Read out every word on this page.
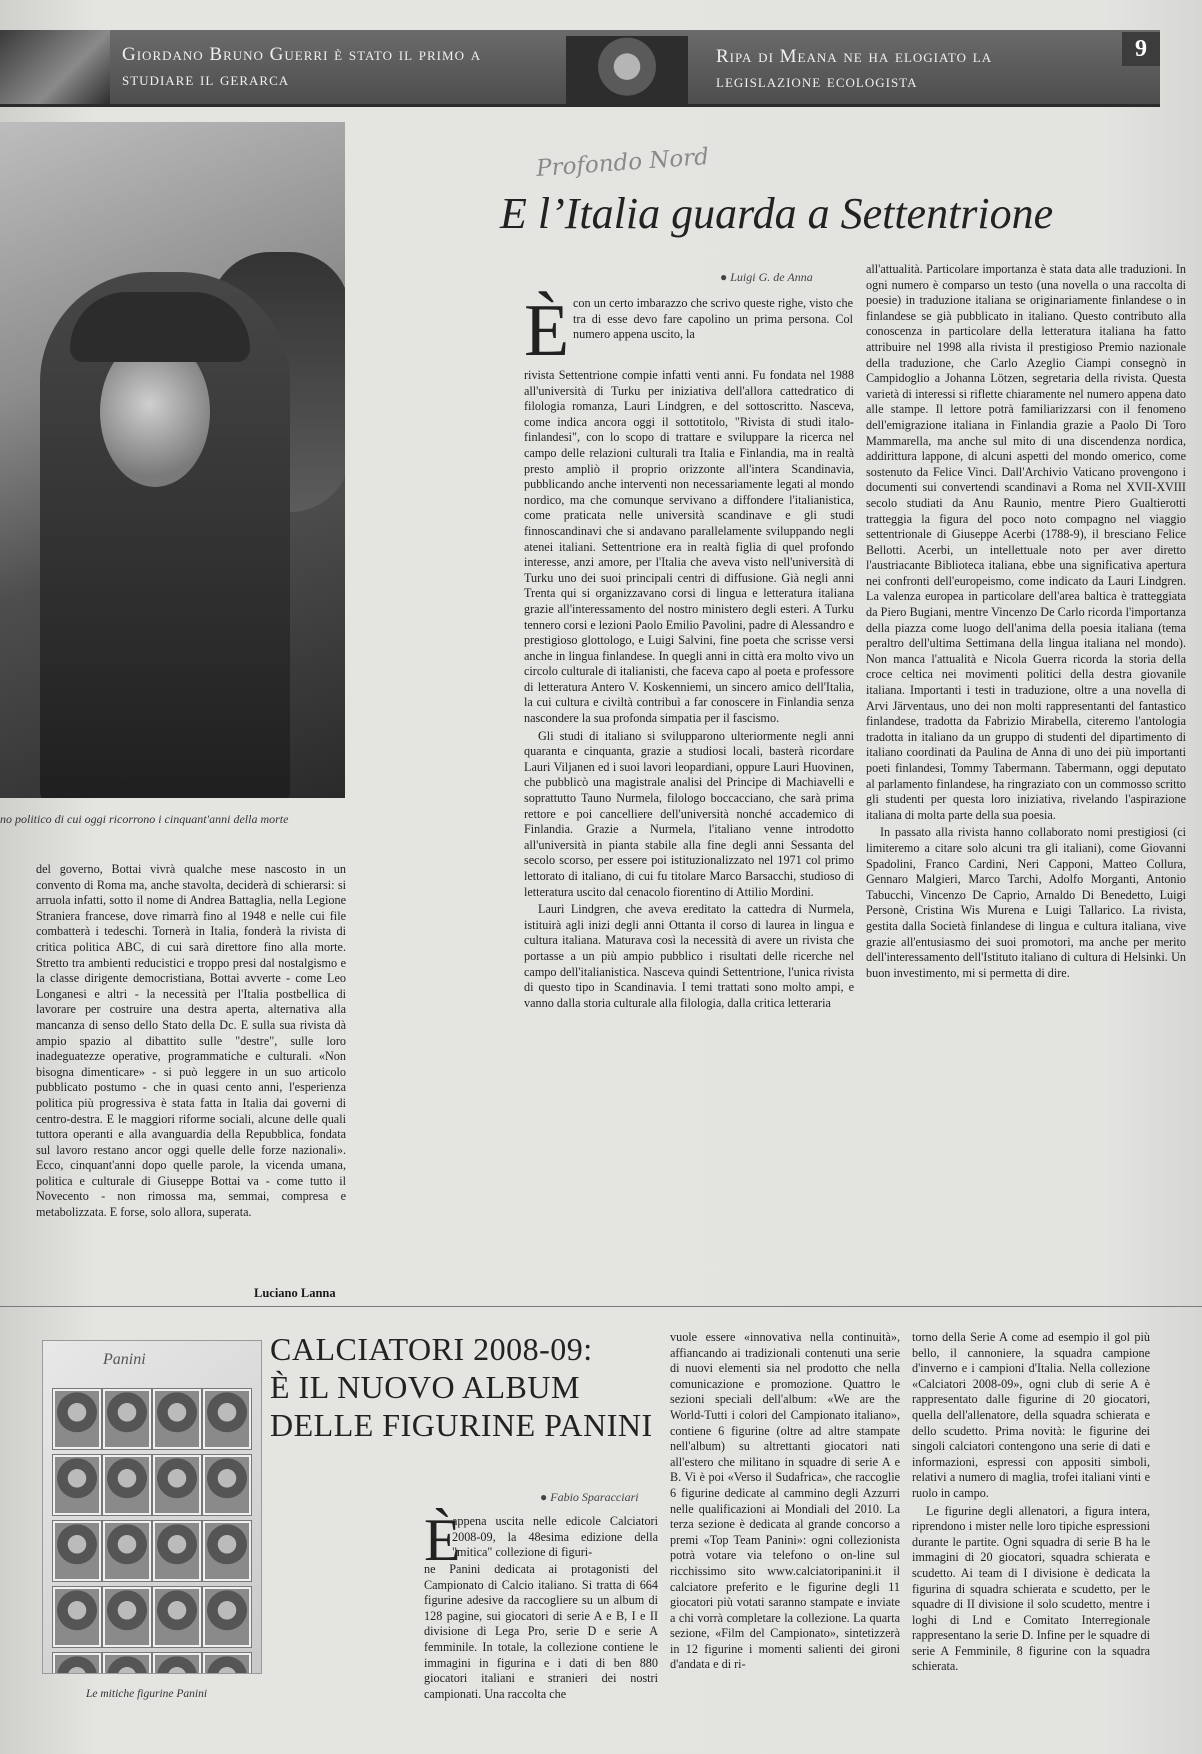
Giordano Bruno Guerri è stato il primo a studiare il gerarca
Ripa di Meana ne ha elogiato la legislazione ecologista
9
no politico di cui oggi ricorrono i cinquant'anni della morte
Profondo Nord
E l’Italia guarda a Settentrione
● Luigi G. de Anna
È con un certo imbarazzo che scrivo queste righe, visto che tra di esse devo fare capolino un prima persona. Col numero appena uscito, la

rivista Settentrione compie infatti venti anni. Fu fondata nel 1988 all'università di Turku per iniziativa dell'allora cattedratico di filologia romanza, Lauri Lindgren, e del sottoscritto. Nasceva, come indica ancora oggi il sottotitolo, "Rivista di studi italo-finlandesi", con lo scopo di trattare e sviluppare la ricerca nel campo delle relazioni culturali tra Italia e Finlandia, ma in realtà presto ampliò il proprio orizzonte all'intera Scandinavia, pubblicando anche interventi non necessariamente legati al mondo nordico, ma che comunque servivano a diffondere l'italianistica, come praticata nelle università scandinave e gli studi finnoscandinavi che si andavano parallelamente sviluppando negli atenei italiani. Settentrione era in realtà figlia di quel profondo interesse, anzi amore, per l'Italia che aveva visto nell'università di Turku uno dei suoi principali centri di diffusione. Già negli anni Trenta qui si organizzavano corsi di lingua e letteratura italiana grazie all'interessamento del nostro ministero degli esteri. A Turku tennero corsi e lezioni Paolo Emilio Pavolini, padre di Alessandro e prestigioso glottologo, e Luigi Salvini, fine poeta che scrisse versi anche in lingua finlandese. In quegli anni in città era molto vivo un circolo culturale di italianisti, che faceva capo al poeta e professore di letteratura Antero V. Koskenniemi, un sincero amico dell'Italia, la cui cultura e civiltà contribuì a far conoscere in Finlandia senza nascondere la sua profonda simpatia per il fascismo.

Gli studi di italiano si svilupparono ulteriormente negli anni quaranta e cinquanta, grazie a studiosi locali, basterà ricordare Lauri Viljanen ed i suoi lavori leopardiani, oppure Lauri Huovinen, che pubblicò una magistrale analisi del Principe di Machiavelli e soprattutto Tauno Nurmela, filologo boccacciano, che sarà prima rettore e poi cancelliere dell'università nonché accademico di Finlandia. Grazie a Nurmela, l'italiano venne introdotto all'università in pianta stabile alla fine degli anni Sessanta del secolo scorso, per essere poi istituzionalizzato nel 1971 col primo lettorato di italiano, di cui fu titolare Marco Barsacchi, studioso di letteratura uscito dal cenacolo fiorentino di Attilio Mordini.

Lauri Lindgren, che aveva ereditato la cattedra di Nurmela, istituirà agli inizi degli anni Ottanta il corso di laurea in lingua e cultura italiana. Maturava così la necessità di avere un rivista che portasse a un più ampio pubblico i risultati delle ricerche nel campo dell'italianistica. Nasceva quindi Settentrione, l'unica rivista di questo tipo in Scandinavia. I temi trattati sono molto ampi, e vanno dalla storia culturale alla filologia, dalla critica letteraria

all'attualità. Particolare importanza è stata data alle traduzioni. In ogni numero è comparso un testo (una novella o una raccolta di poesie) in traduzione italiana se originariamente finlandese o in finlandese se già pubblicato in italiano. Questo contributo alla conoscenza in particolare della letteratura italiana ha fatto attribuire nel 1998 alla rivista il prestigioso Premio nazionale della traduzione, che Carlo Azeglio Ciampi consegnò in Campidoglio a Johanna Lötzen, segretaria della rivista. Questa varietà di interessi si riflette chiaramente nel numero appena dato alle stampe. Il lettore potrà familiarizzarsi con il fenomeno dell'emigrazione italiana in Finlandia grazie a Paolo Di Toro Mammarella, ma anche sul mito di una discendenza nordica, addirittura lappone, di alcuni aspetti del mondo omerico, come sostenuto da Felice Vinci. Dall'Archivio Vaticano provengono i documenti sui convertendi scandinavi a Roma nel XVII-XVIII secolo studiati da Anu Raunio, mentre Piero Gualtierotti tratteggia la figura del poco noto compagno nel viaggio settentrionale di Giuseppe Acerbi (1788-9), il bresciano Felice Bellotti. Acerbi, un intellettuale noto per aver diretto l'austriacante Biblioteca italiana, ebbe una significativa apertura nei confronti dell'europeismo, come indicato da Lauri Lindgren. La valenza europea in particolare dell'area baltica è tratteggiata da Piero Bugiani, mentre Vincenzo De Carlo ricorda l'importanza della piazza come luogo dell'anima della poesia italiana (tema peraltro dell'ultima Settimana della lingua italiana nel mondo). Non manca l'attualità e Nicola Guerra ricorda la storia della croce celtica nei movimenti politici della destra giovanile italiana. Importanti i testi in traduzione, oltre a una novella di Arvi Järventaus, uno dei non molti rappresentanti del fantastico finlandese, tradotta da Fabrizio Mirabella, citeremo l'antologia tradotta in italiano da un gruppo di studenti del dipartimento di italiano coordinati da Paulina de Anna di uno dei più importanti poeti finlandesi, Tommy Tabermann. Tabermann, oggi deputato al parlamento finlandese, ha ringraziato con un commosso scritto gli studenti per questa loro iniziativa, rivelando l'aspirazione italiana di molta parte della sua poesia.

In passato alla rivista hanno collaborato nomi prestigiosi (ci limiteremo a citare solo alcuni tra gli italiani), come Giovanni Spadolini, Franco Cardini, Neri Capponi, Matteo Collura, Gennaro Malgieri, Marco Tarchi, Adolfo Morganti, Antonio Tabucchi, Vincenzo De Caprio, Arnaldo Di Benedetto, Luigi Personè, Cristina Wis Murena e Luigi Tallarico. La rivista, gestita dalla Società finlandese di lingua e cultura italiana, vive grazie all'entusiasmo dei suoi promotori, ma anche per merito dell'interessamento dell'Istituto italiano di cultura di Helsinki. Un buon investimento, mi si permetta di dire.

del governo, Bottai vivrà qualche mese nascosto in un convento di Roma ma, anche stavolta, deciderà di schierarsi: si arruola infatti, sotto il nome di Andrea Battaglia, nella Legione Straniera francese, dove rimarrà fino al 1948 e nelle cui file combatterà i tedeschi. Tornerà in Italia, fonderà la rivista di critica politica ABC, di cui sarà direttore fino alla morte. Stretto tra ambienti reducistici e troppo presi dal nostalgismo e la classe dirigente democristiana, Bottai avverte - come Leo Longanesi e altri - la necessità per l'Italia postbellica di lavorare per costruire una destra aperta, alternativa alla mancanza di senso dello Stato della Dc. E sulla sua rivista dà ampio spazio al dibattito sulle "destre", sulle loro inadeguatezze operative, programmatiche e culturali. «Non bisogna dimenticare» - si può leggere in un suo articolo pubblicato postumo - che in quasi cento anni, l'esperienza politica più progressiva è stata fatta in Italia dai governi di centro-destra. E le maggiori riforme sociali, alcune delle quali tuttora operanti e alla avanguardia della Repubblica, fondata sul lavoro restano ancor oggi quelle delle forze nazionali». Ecco, cinquant'anni dopo quelle parole, la vicenda umana, politica e culturale di Giuseppe Bottai va - come tutto il Novecento - non rimossa ma, semmai, compresa e metabolizzata. E forse, solo allora, superata.

Luciano Lanna
Panini
Le mitiche figurine Panini
CALCIATORI 2008-09:
È IL NUOVO ALBUM
DELLE FIGURINE PANINI
● Fabio Sparacciari
È

appena uscita nelle edicole Calciatori 2008-09, la 48esima edizione della "mitica" collezione di figuri-

ne Panini dedicata ai protagonisti del Campionato di Calcio italiano. Si tratta di 664 figurine adesive da raccogliere su un album di 128 pagine, sui giocatori di serie A e B, I e II divisione di Lega Pro, serie D e serie A femminile. In totale, la collezione contiene le immagini in figurina e i dati di ben 880 giocatori italiani e stranieri dei nostri campionati. Una raccolta che

vuole essere «innovativa nella continuità», affiancando ai tradizionali contenuti una serie di nuovi elementi sia nel prodotto che nella comunicazione e promozione. Quattro le sezioni speciali dell'album: «We are the World-Tutti i colori del Campionato italiano», contiene 6 figurine (oltre ad altre stampate nell'album) su altrettanti giocatori nati all'estero che militano in squadre di serie A e B. Vi è poi «Verso il Sudafrica», che raccoglie 6 figurine dedicate al cammino degli Azzurri nelle qualificazioni ai Mondiali del 2010. La terza sezione è dedicata al grande concorso a premi «Top Team Panini»: ogni collezionista potrà votare via telefono o on-line sul ricchissimo sito www.calciatoripanini.it il calciatore preferito e le figurine degli 11 giocatori più votati saranno stampate e inviate a chi vorrà completare la collezione. La quarta sezione, «Film del Campionato», sintetizzerà in 12 figurine i momenti salienti dei gironi d'andata e di ri-

torno della Serie A come ad esempio il gol più bello, il cannoniere, la squadra campione d'inverno e i campioni d'Italia. Nella collezione «Calciatori 2008-09», ogni club di serie A è rappresentato dalle figurine di 20 giocatori, quella dell'allenatore, della squadra schierata e dello scudetto. Prima novità: le figurine dei singoli calciatori contengono una serie di dati e informazioni, espressi con appositi simboli, relativi a numero di maglia, trofei italiani vinti e ruolo in campo.

Le figurine degli allenatori, a figura intera, riprendono i mister nelle loro tipiche espressioni durante le partite. Ogni squadra di serie B ha le immagini di 20 giocatori, squadra schierata e scudetto. Ai team di I divisione è dedicata la figurina di squadra schierata e scudetto, per le squadre di II divisione il solo scudetto, mentre i loghi di Lnd e Comitato Interregionale rappresentano la serie D. Infine per le squadre di serie A Femminile, 8 figurine con la squadra schierata.
